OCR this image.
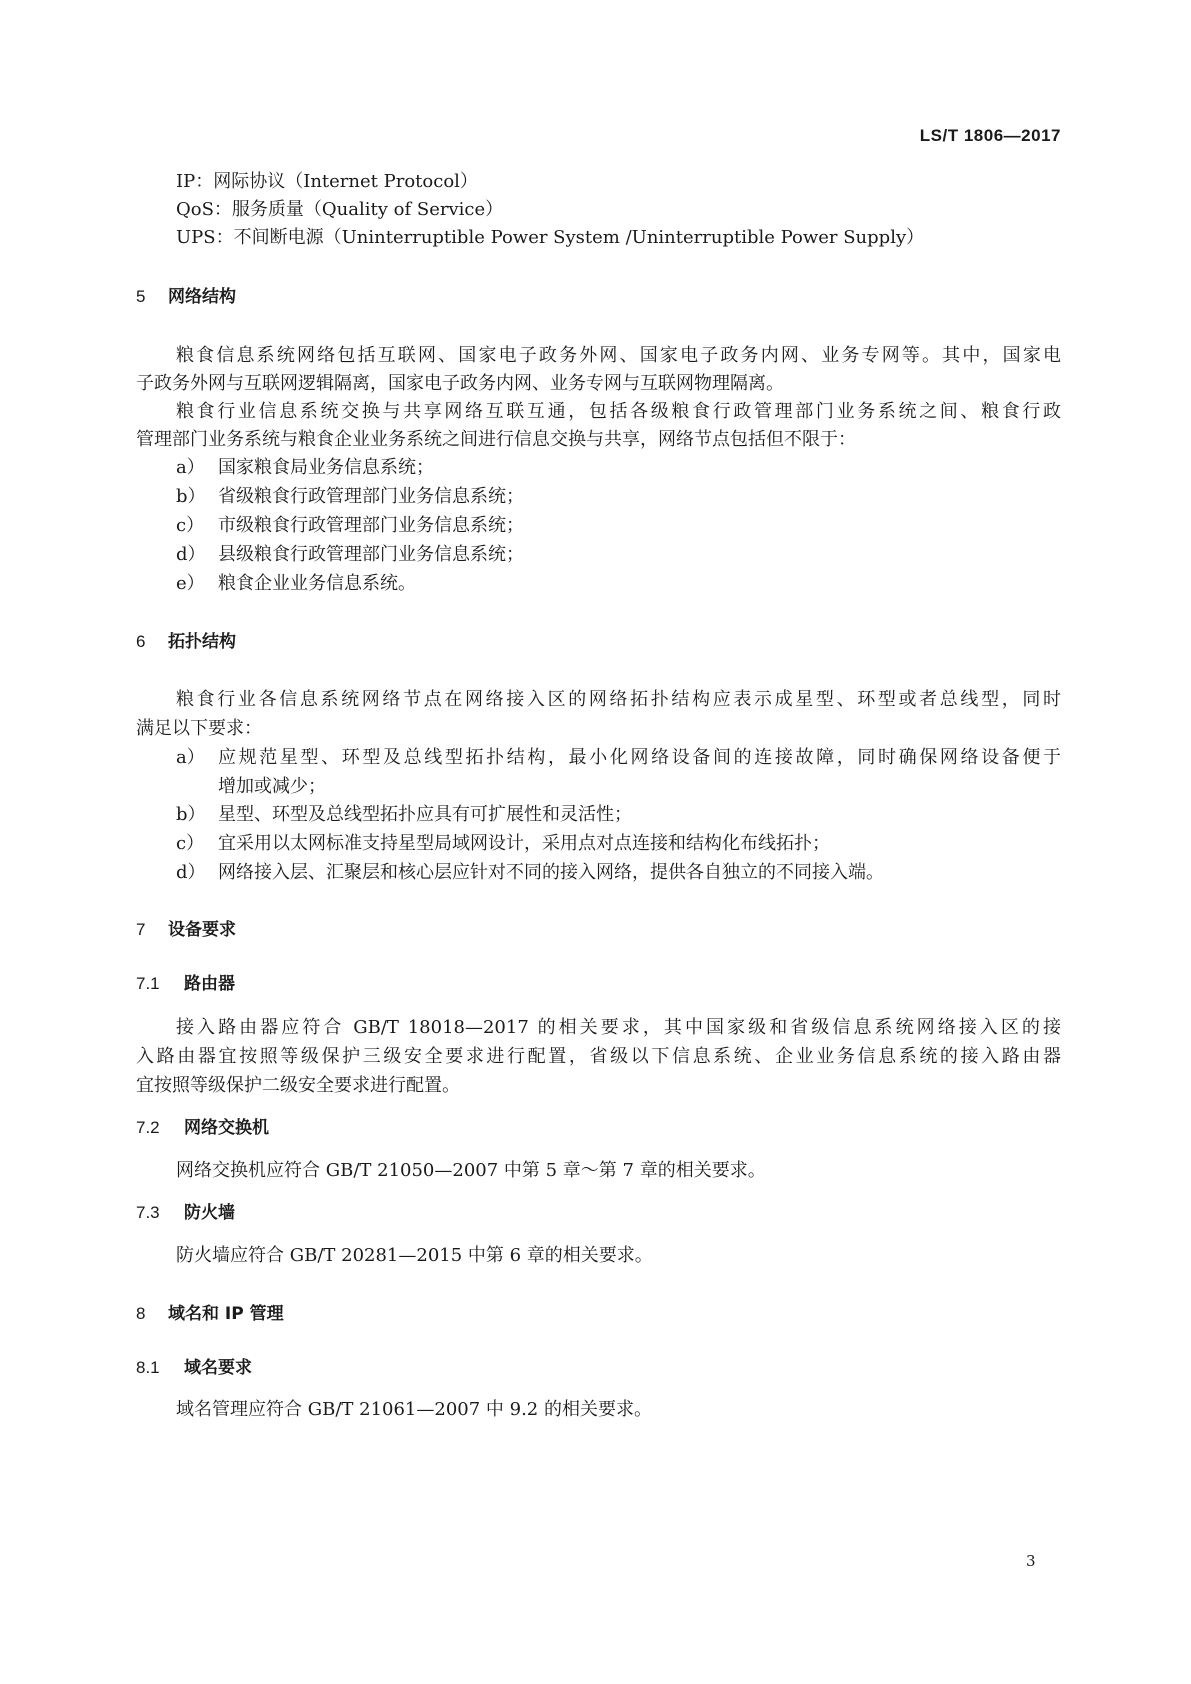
LS/T 1806—2017
IP：网际协议（Internet Protocol）
QoS：服务质量（Quality of Service）
UPS：不间断电源（Uninterruptible Power System /Uninterruptible Power Supply）
5 网络结构
粮食信息系统网络包括互联网、国家电子政务外网、国家电子政务内网、业务专网等。其中，国家电
子政务外网与互联网逻辑隔离，国家电子政务内网、业务专网与互联网物理隔离。
粮食行业信息系统交换与共享网络互联互通，包括各级粮食行政管理部门业务系统之间、粮食行政
管理部门业务系统与粮食企业业务系统之间进行信息交换与共享，网络节点包括但不限于：
a） 国家粮食局业务信息系统；
b） 省级粮食行政管理部门业务信息系统；
c） 市级粮食行政管理部门业务信息系统；
d） 县级粮食行政管理部门业务信息系统；
e） 粮食企业业务信息系统。
6 拓扑结构
粮食行业各信息系统网络节点在网络接入区的网络拓扑结构应表示成星型、环型或者总线型，同时
满足以下要求：
a） 应规范星型、环型及总线型拓扑结构，最小化网络设备间的连接故障，同时确保网络设备便于
增加或减少；
b） 星型、环型及总线型拓扑应具有可扩展性和灵活性；
c） 宜采用以太网标准支持星型局域网设计，采用点对点连接和结构化布线拓扑；
d） 网络接入层、汇聚层和核心层应针对不同的接入网络，提供各自独立的不同接入端。
7 设备要求
7.1 路由器
接入路由器应符合 GB/T 18018—2017 的相关要求，其中国家级和省级信息系统网络接入区的接
入路由器宜按照等级保护三级安全要求进行配置，省级以下信息系统、企业业务信息系统的接入路由器
宜按照等级保护二级安全要求进行配置。
7.2 网络交换机
网络交换机应符合 GB/T 21050—2007 中第 5 章～第 7 章的相关要求。
7.3 防火墙
防火墙应符合 GB/T 20281—2015 中第 6 章的相关要求。
8 域名和 IP 管理
8.1 域名要求
域名管理应符合 GB/T 21061—2007 中 9.2 的相关要求。
3
